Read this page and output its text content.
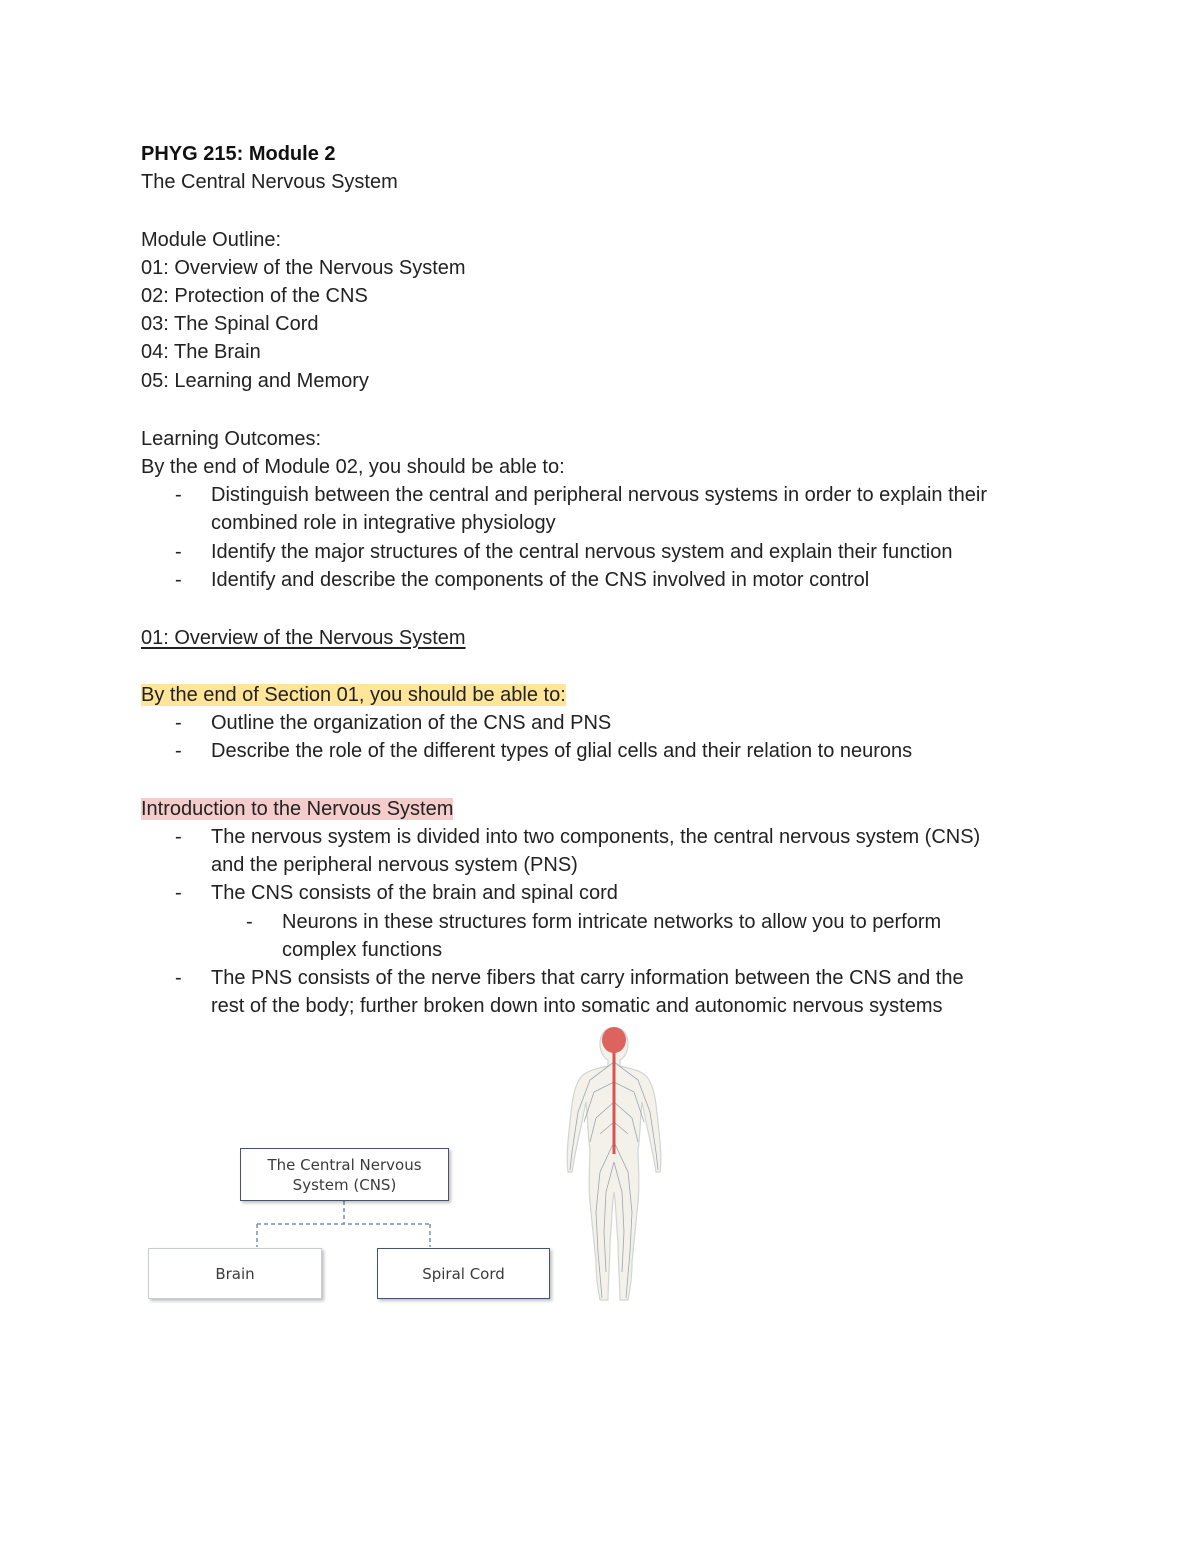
PHYG 215: Module 2
The Central Nervous System
Module Outline:
01: Overview of the Nervous System
02: Protection of the CNS
03: The Spinal Cord
04: The Brain
05: Learning and Memory
Learning Outcomes:
By the end of Module 02, you should be able to:
- Distinguish between the central and peripheral nervous systems in order to explain their
combined role in integrative physiology
- Identify the major structures of the central nervous system and explain their function
- Identify and describe the components of the CNS involved in motor control
01: Overview of the Nervous System
By the end of Section 01, you should be able to:
- Outline the organization of the CNS and PNS
- Describe the role of the different types of glial cells and their relation to neurons
Introduction to the Nervous System
- The nervous system is divided into two components, the central nervous system (CNS)
and the peripheral nervous system (PNS)
- The CNS consists of the brain and spinal cord
- Neurons in these structures form intricate networks to allow you to perform
complex functions
- The PNS consists of the nerve fibers that carry information between the CNS and the
rest of the body; further broken down into somatic and autonomic nervous systems
The Central Nervous
System (CNS)
Brain	Spiral Cord
